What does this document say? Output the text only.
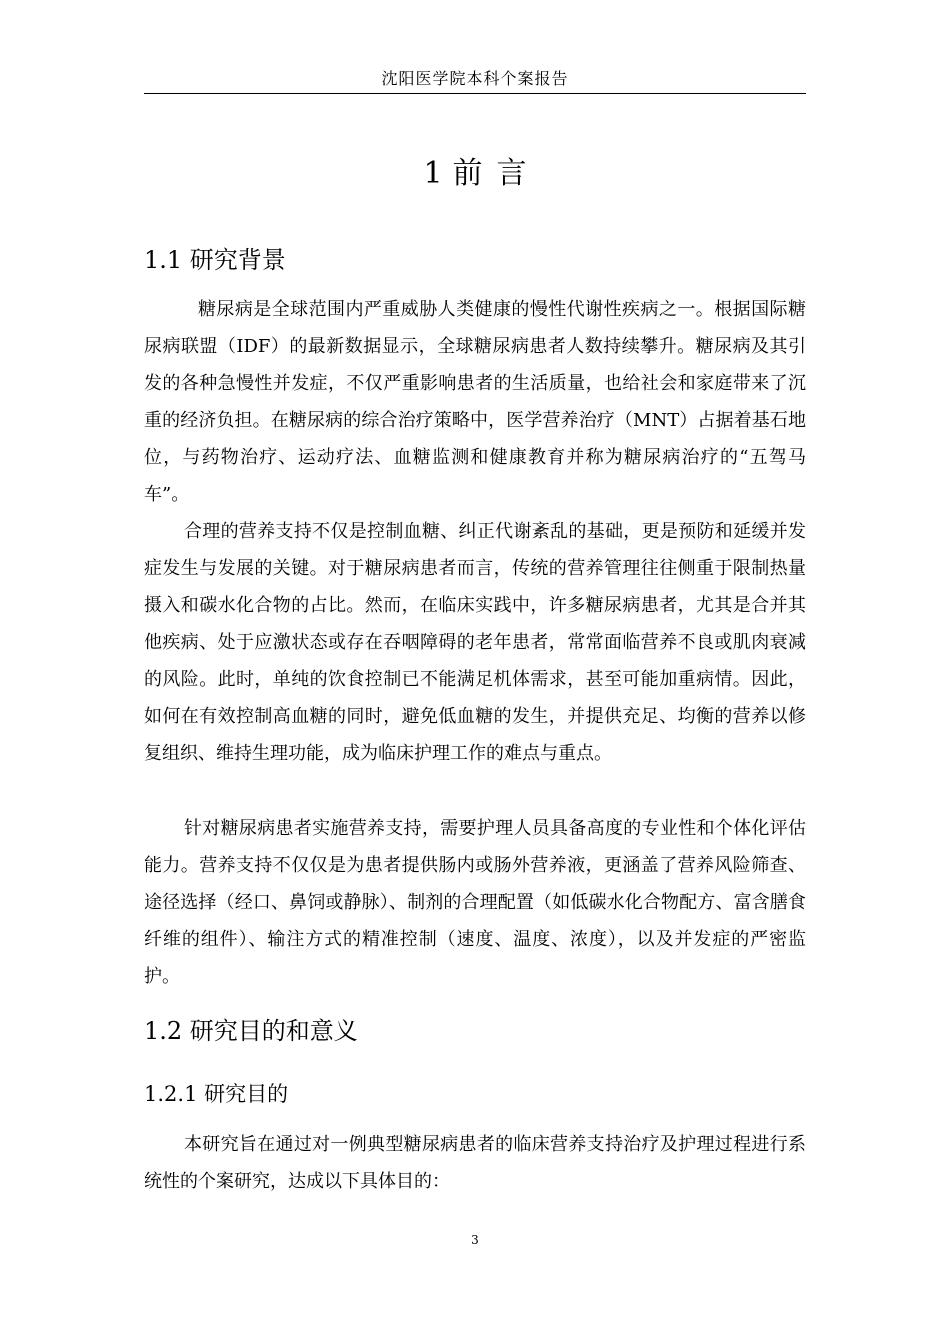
沈阳医学院本科个案报告
1 前 言
1.1 研究背景

糖尿病是全球范围内严重威胁人类健康的慢性代谢性疾病之一。根据国际糖尿病联盟（IDF）的最新数据显示，全球糖尿病患者人数持续攀升。糖尿病及其引发的各种急慢性并发症，不仅严重影响患者的生活质量，也给社会和家庭带来了沉重的经济负担。在糖尿病的综合治疗策略中，医学营养治疗（MNT）占据着基石地位，与药物治疗、运动疗法、血糖监测和健康教育并称为糖尿病治疗的“五驾马车”。

合理的营养支持不仅是控制血糖、纠正代谢紊乱的基础，更是预防和延缓并发症发生与发展的关键。对于糖尿病患者而言，传统的营养管理往往侧重于限制热量摄入和碳水化合物的占比。然而，在临床实践中，许多糖尿病患者，尤其是合并其他疾病、处于应激状态或存在吞咽障碍的老年患者，常常面临营养不良或肌肉衰减的风险。此时，单纯的饮食控制已不能满足机体需求，甚至可能加重病情。因此，如何在有效控制高血糖的同时，避免低血糖的发生，并提供充足、均衡的营养以修复组织、维持生理功能，成为临床护理工作的难点与重点。

针对糖尿病患者实施营养支持，需要护理人员具备高度的专业性和个体化评估能力。营养支持不仅仅是为患者提供肠内或肠外营养液，更涵盖了营养风险筛查、途径选择（经口、鼻饲或静脉）、制剂的合理配置（如低碳水化合物配方、富含膳食纤维的组件）、输注方式的精准控制（速度、温度、浓度），以及并发症的严密监护。

1.2 研究目的和意义
1.2.1 研究目的

本研究旨在通过对一例典型糖尿病患者的临床营养支持治疗及护理过程进行系统性的个案研究，达成以下具体目的：

3
